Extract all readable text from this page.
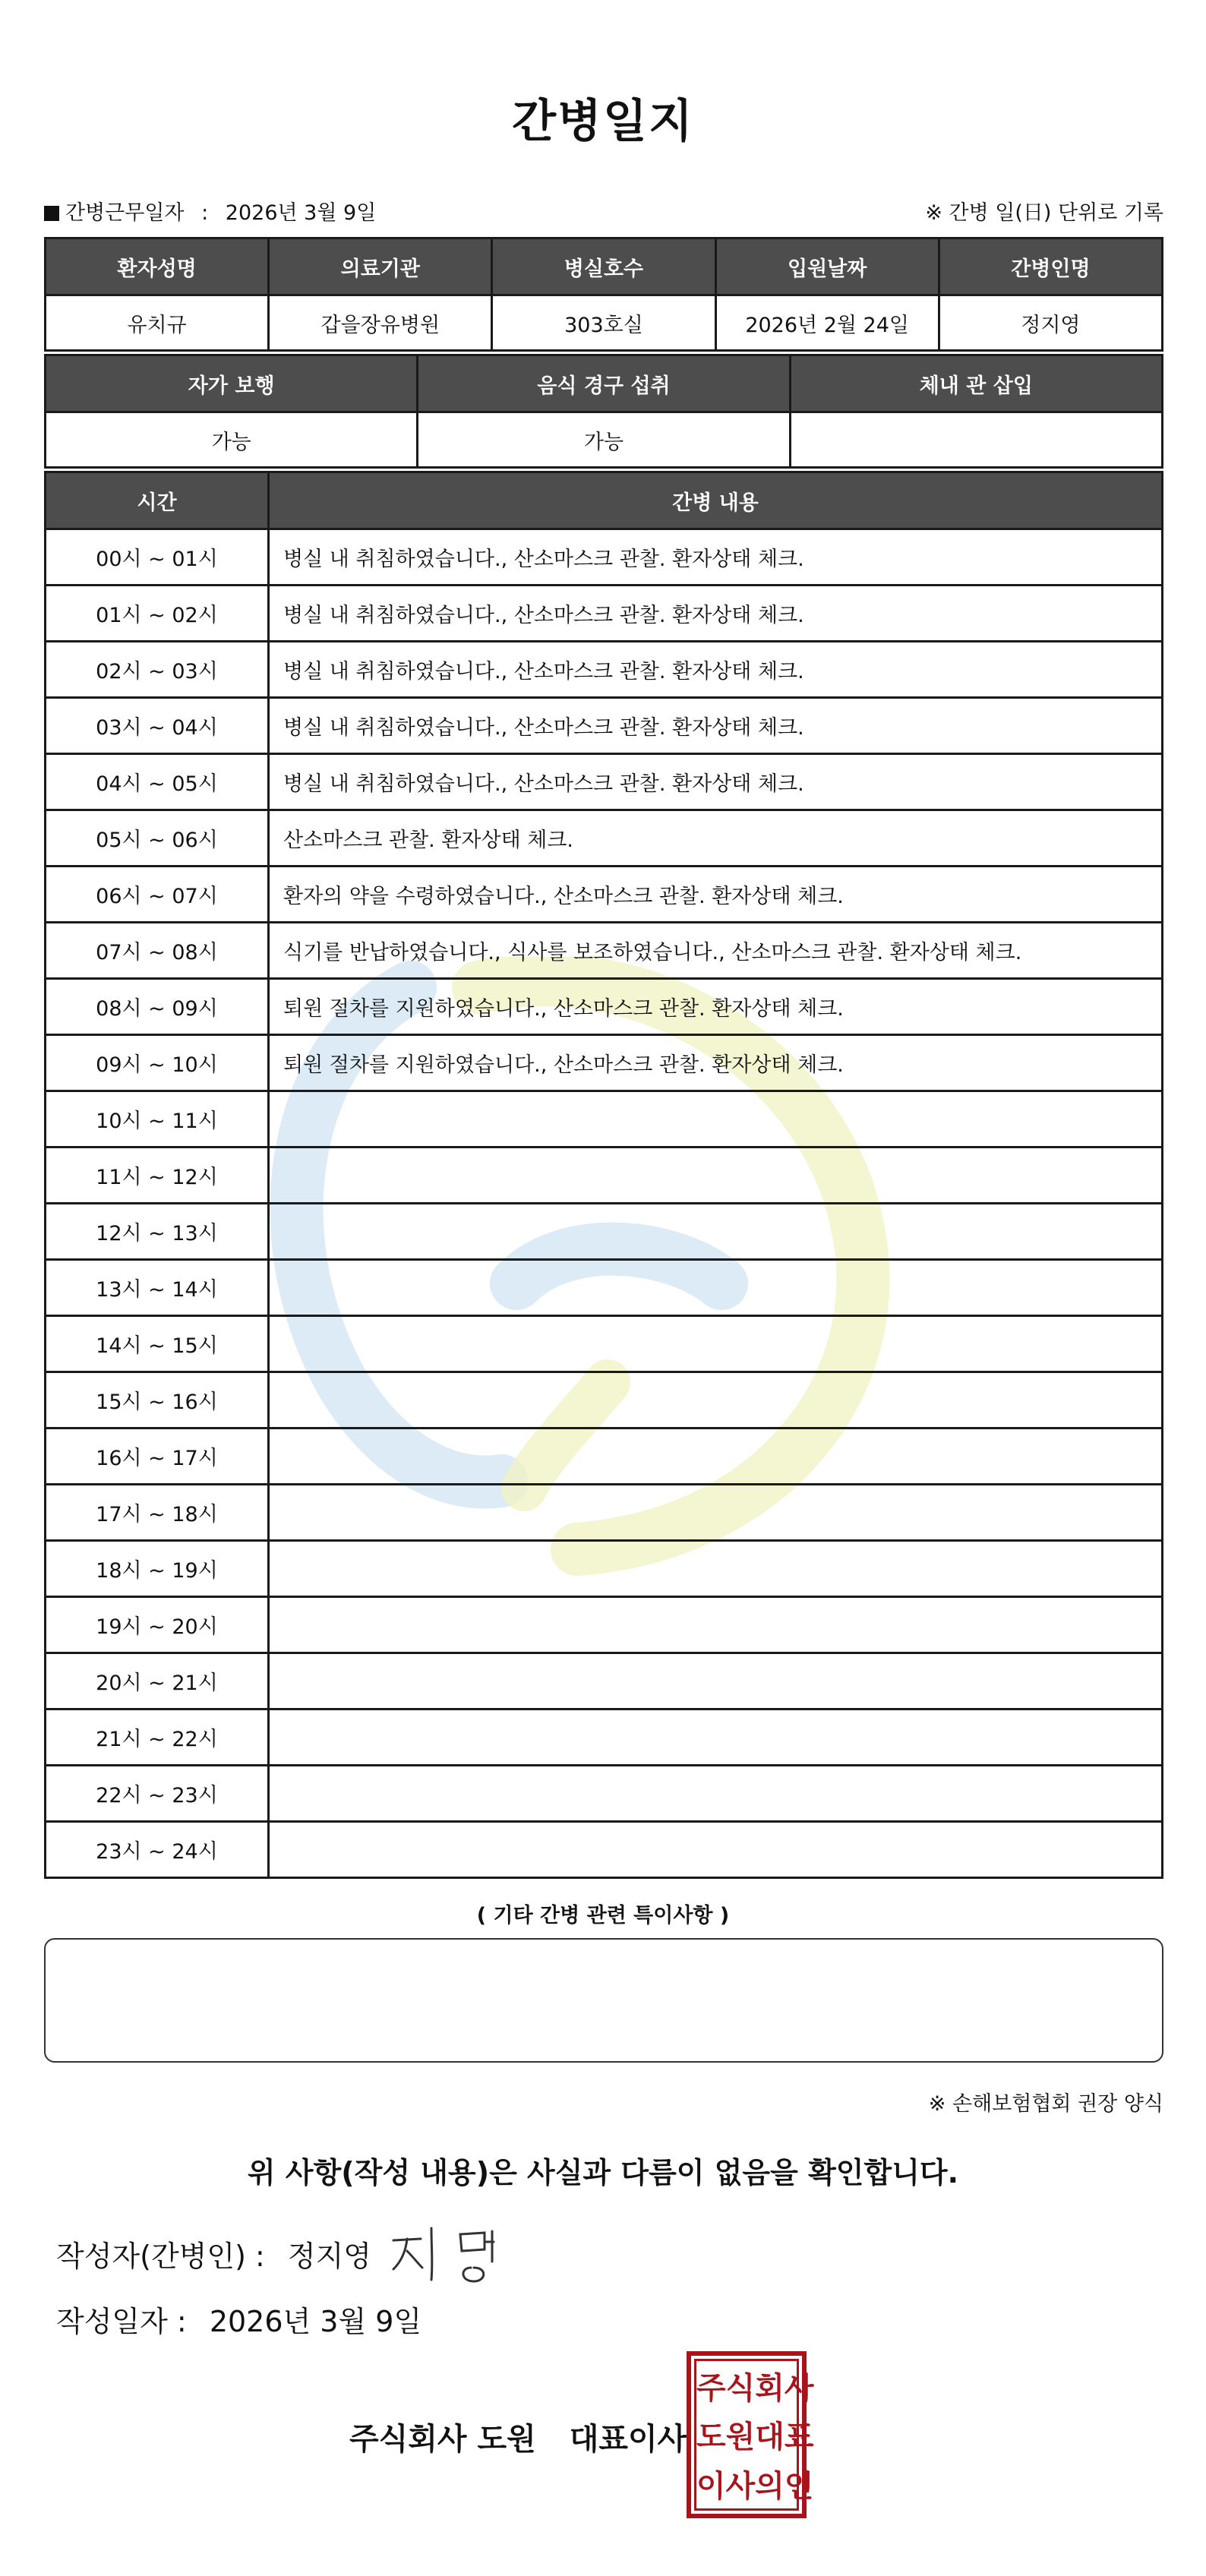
간병일지
간병근무일자 : 2026년 3월 9일	※ 간병 일(日) 단위로 기록
환자성명	의료기관	병실호수	입원날짜	간병인명
유치규	갑을장유병원	303호실	2026년 2월 24일	정지영
자가 보행	음식 경구 섭취	체내 관 삽입
가능	가능	
시간	간병 내용
00시 ~ 01시	병실 내 취침하였습니다., 산소마스크 관찰. 환자상태 체크.
01시 ~ 02시	병실 내 취침하였습니다., 산소마스크 관찰. 환자상태 체크.
02시 ~ 03시	병실 내 취침하였습니다., 산소마스크 관찰. 환자상태 체크.
03시 ~ 04시	병실 내 취침하였습니다., 산소마스크 관찰. 환자상태 체크.
04시 ~ 05시	병실 내 취침하였습니다., 산소마스크 관찰. 환자상태 체크.
05시 ~ 06시	산소마스크 관찰. 환자상태 체크.
06시 ~ 07시	환자의 약을 수령하였습니다., 산소마스크 관찰. 환자상태 체크.
07시 ~ 08시	식기를 반납하였습니다., 식사를 보조하였습니다., 산소마스크 관찰. 환자상태 체크.
08시 ~ 09시	퇴원 절차를 지원하였습니다., 산소마스크 관찰. 환자상태 체크.
09시 ~ 10시	퇴원 절차를 지원하였습니다., 산소마스크 관찰. 환자상태 체크.
10시 ~ 11시	
11시 ~ 12시	
12시 ~ 13시	
13시 ~ 14시	
14시 ~ 15시	
15시 ~ 16시	
16시 ~ 17시	
17시 ~ 18시	
18시 ~ 19시	
19시 ~ 20시	
20시 ~ 21시	
21시 ~ 22시	
22시 ~ 23시	
23시 ~ 24시	
( 기타 간병 관련 특이사항 )
※ 손해보험협회 권장 양식
위 사항(작성 내용)은 사실과 다름이 없음을 확인합니다.
작성자(간병인) : 정지영
작성일자 : 2026년 3월 9일
주식회사 도원 대표이사
주 식 회 사
도 원 대 표
이 사 의 인
